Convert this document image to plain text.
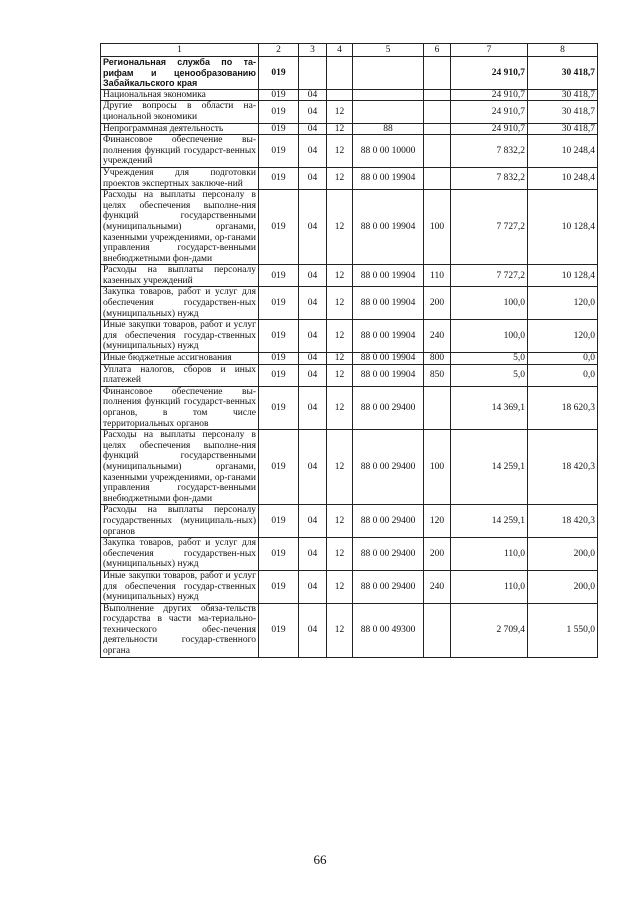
1	2	3	4	5	6	7	8
Региональная служба по та-рифам и ценообразованию Забайкальского края	019					24 910,7	30 418,7
Национальная экономика	019	04				24 910,7	30 418,7
Другие вопросы в области на-циональной экономики	019	04	12			24 910,7	30 418,7
Непрограммная деятельность	019	04	12	88		24 910,7	30 418,7
Финансовое обеспечение вы-полнения функций государст-венных учреждений	019	04	12	88 0 00 10000		7 832,2	10 248,4
Учреждения для подготовки проектов экспертных заключе-ний	019	04	12	88 0 00 19904		7 832,2	10 248,4
Расходы на выплаты персоналу в целях обеспечения выполне-ния функций государственными (муниципальными) органами, казенными учреждениями, ор-ганами управления государст-венными внебюджетными фон-дами	019	04	12	88 0 00 19904	100	7 727,2	10 128,4
Расходы на выплаты персоналу казенных учреждений	019	04	12	88 0 00 19904	110	7 727,2	10 128,4
Закупка товаров, работ и услуг для обеспечения государствен-ных (муниципальных) нужд	019	04	12	88 0 00 19904	200	100,0	120,0
Иные закупки товаров, работ и услуг для обеспечения государ-ственных (муниципальных) нужд	019	04	12	88 0 00 19904	240	100,0	120,0
Иные бюджетные ассигнования	019	04	12	88 0 00 19904	800	5,0	0,0
Уплата налогов, сборов и иных платежей	019	04	12	88 0 00 19904	850	5,0	0,0
Финансовое обеспечение вы-полнения функций государст-венных органов, в том числе территориальных органов	019	04	12	88 0 00 29400		14 369,1	18 620,3
Расходы на выплаты персоналу в целях обеспечения выполне-ния функций государственными (муниципальными) органами, казенными учреждениями, ор-ганами управления государст-венными внебюджетными фон-дами	019	04	12	88 0 00 29400	100	14 259,1	18 420,3
Расходы на выплаты персоналу государственных (муниципаль-ных) органов	019	04	12	88 0 00 29400	120	14 259,1	18 420,3
Закупка товаров, работ и услуг для обеспечения государствен-ных (муниципальных) нужд	019	04	12	88 0 00 29400	200	110,0	200,0
Иные закупки товаров, работ и услуг для обеспечения государ-ственных (муниципальных) нужд	019	04	12	88 0 00 29400	240	110,0	200,0
Выполнение других обяза-тельств государства в части ма-териально-технического обес-печения деятельности государ-ственного органа	019	04	12	88 0 00 49300		2 709,4	1 550,0
66
